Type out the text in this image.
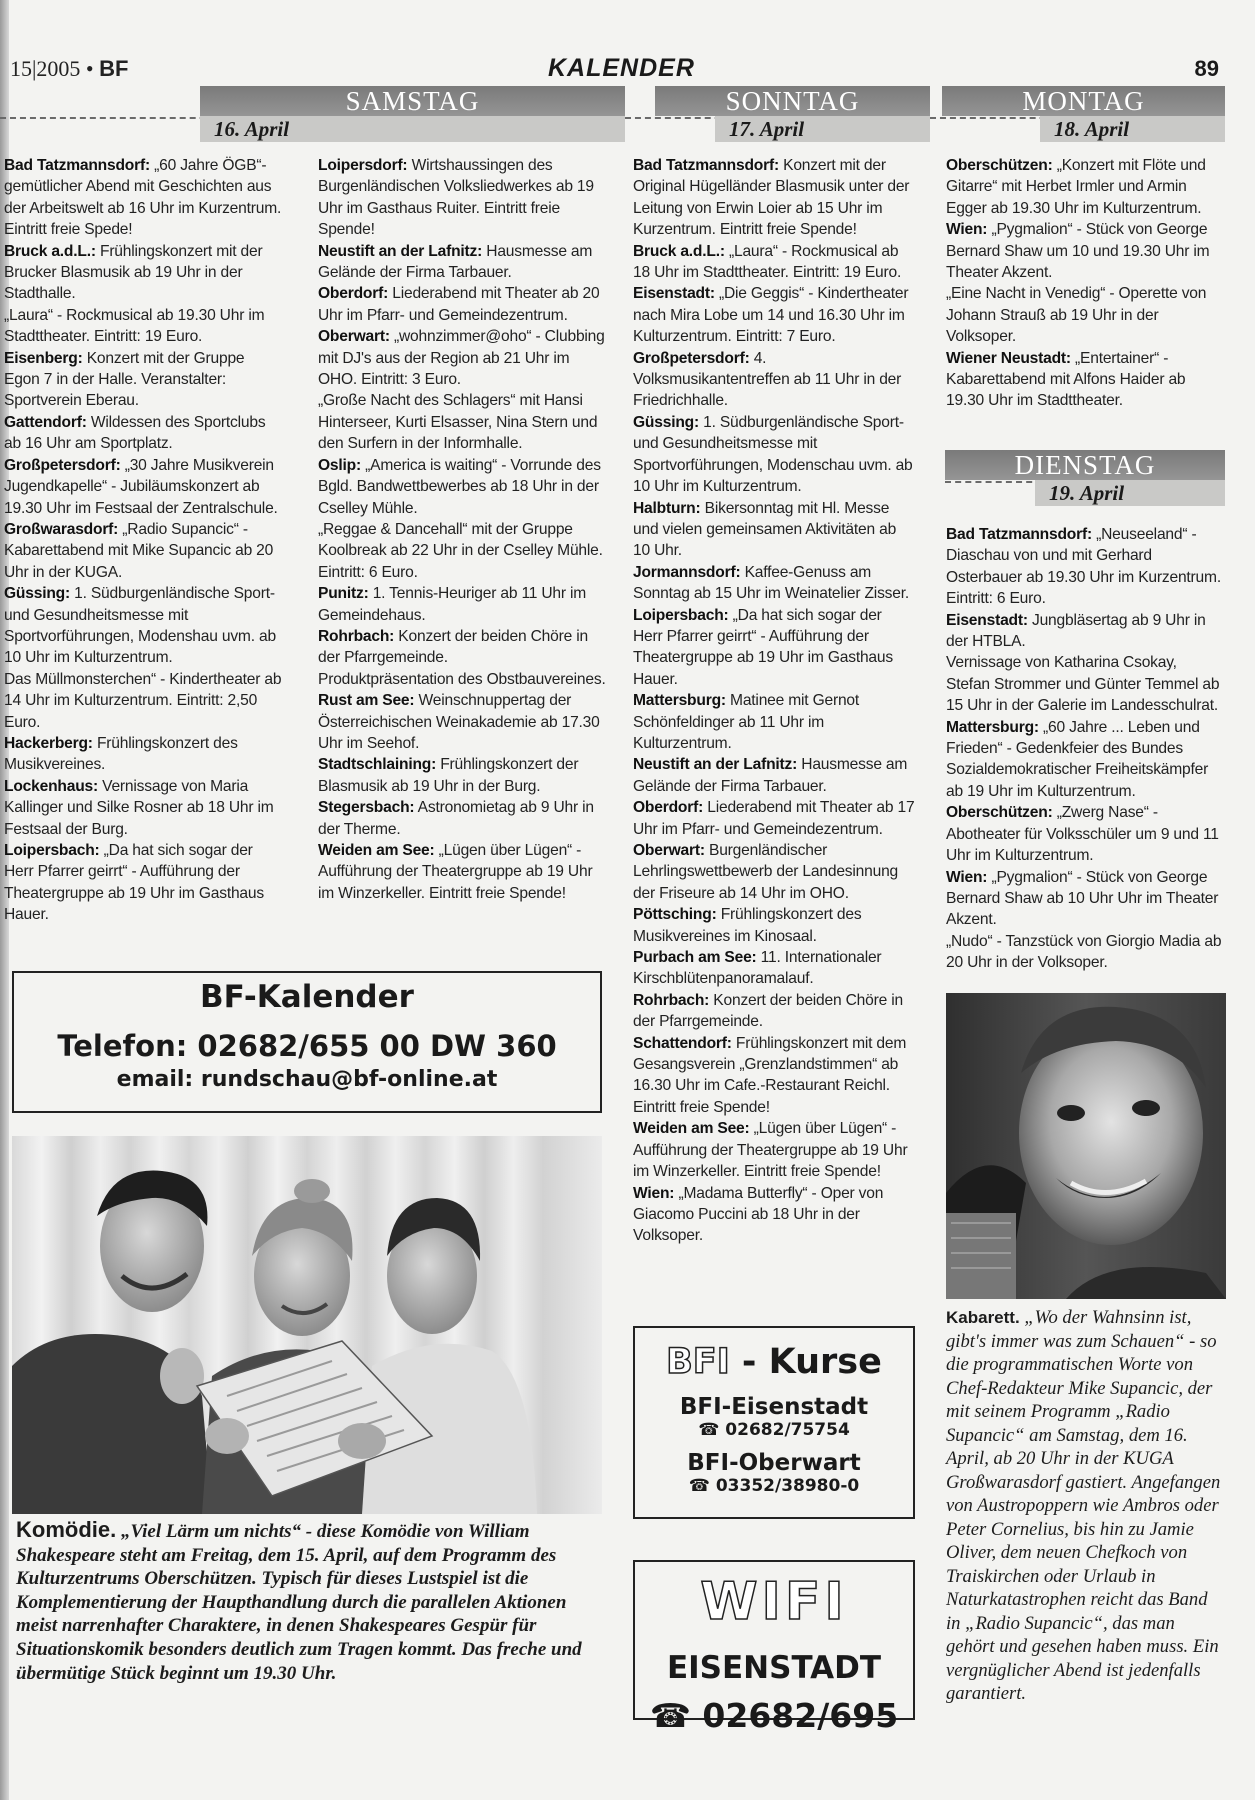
15|2005 • BF	KALENDER	89
SAMSTAG
16. April
SONNTAG
17. April
MONTAG
18. April
DIENSTAG
19. April

Bad Tatzmannsdorf: „60 Jahre ÖGB“-gemütlicher Abend mit Geschichten aus der Arbeitswelt ab 16 Uhr im Kurzentrum. Eintritt freie Spede!

Bruck a.d.L.: Frühlingskonzert mit der Brucker Blasmusik ab 19 Uhr in der Stadthalle.

„Laura“ - Rockmusical ab 19.30 Uhr im Stadttheater. Eintritt: 19 Euro.

Eisenberg: Konzert mit der Gruppe Egon 7 in der Halle. Veranstalter: Sportverein Eberau.

Gattendorf: Wildessen des Sportclubs ab 16 Uhr am Sportplatz.

Großpetersdorf: „30 Jahre Musikverein Jugendkapelle“ - Jubiläumskonzert ab 19.30 Uhr im Festsaal der Zentralschule.

Großwarasdorf: „Radio Supancic“ - Kabarettabend mit Mike Supancic ab 20 Uhr in der KUGA.

Güssing: 1. Südburgenländische Sport- und Gesundheitsmesse mit Sportvorführungen, Modenshau uvm. ab 10 Uhr im Kulturzentrum.

Das Müllmonsterchen“ - Kindertheater ab 14 Uhr im Kulturzentrum. Eintritt: 2,50 Euro.

Hackerberg: Frühlingskonzert des Musikvereines.

Lockenhaus: Vernissage von Maria Kallinger und Silke Rosner ab 18 Uhr im Festsaal der Burg.

Loipersbach: „Da hat sich sogar der Herr Pfarrer geirrt“ - Aufführung der Theatergruppe ab 19 Uhr im Gasthaus Hauer.

Loipersdorf: Wirtshaussingen des Burgenländischen Volksliedwerkes ab 19 Uhr im Gasthaus Ruiter. Eintritt freie Spende!

Neustift an der Lafnitz: Hausmesse am Gelände der Firma Tarbauer.

Oberdorf: Liederabend mit Theater ab 20 Uhr im Pfarr- und Gemeindezentrum.

Oberwart: „wohnzimmer@oho“ - Clubbing mit DJ's aus der Region ab 21 Uhr im OHO. Eintritt: 3 Euro.

„Große Nacht des Schlagers“ mit Hansi Hinterseer, Kurti Elsasser, Nina Stern und den Surfern in der Informhalle.

Oslip: „America is waiting“ - Vorrunde des Bgld. Bandwettbewerbes ab 18 Uhr in der Cselley Mühle.

„Reggae & Dancehall“ mit der Gruppe Koolbreak ab 22 Uhr in der Cselley Mühle. Eintritt: 6 Euro.

Punitz: 1. Tennis-Heuriger ab 11 Uhr im Gemeindehaus.

Rohrbach: Konzert der beiden Chöre in der Pfarrgemeinde.

Produktpräsentation des Obstbauvereines.

Rust am See: Weinschnuppertag der Österreichischen Weinakademie ab 17.30 Uhr im Seehof.

Stadtschlaining: Frühlingskonzert der Blasmusik ab 19 Uhr in der Burg.

Stegersbach: Astronomietag ab 9 Uhr in der Therme.

Weiden am See: „Lügen über Lügen“ - Aufführung der Theatergruppe ab 19 Uhr im Winzerkeller. Eintritt freie Spende!

Bad Tatzmannsdorf: Konzert mit der Original Hügelländer Blasmusik unter der Leitung von Erwin Loier ab 15 Uhr im Kurzentrum. Eintritt freie Spende!

Bruck a.d.L.: „Laura“ - Rockmusical ab 18 Uhr im Stadttheater. Eintritt: 19 Euro.

Eisenstadt: „Die Geggis“ - Kindertheater nach Mira Lobe um 14 und 16.30 Uhr im Kulturzentrum. Eintritt: 7 Euro.

Großpetersdorf: 4. Volksmusikantentreffen ab 11 Uhr in der Friedrichhalle.

Güssing: 1. Südburgenländische Sport- und Gesundheitsmesse mit Sportvorführungen, Modenschau uvm. ab 10 Uhr im Kulturzentrum.

Halbturn: Bikersonntag mit Hl. Messe und vielen gemeinsamen Aktivitäten ab 10 Uhr.

Jormannsdorf: Kaffee-Genuss am Sonntag ab 15 Uhr im Weinatelier Zisser.

Loipersbach: „Da hat sich sogar der Herr Pfarrer geirrt“ - Aufführung der Theatergruppe ab 19 Uhr im Gasthaus Hauer.

Mattersburg: Matinee mit Gernot Schönfeldinger ab 11 Uhr im Kulturzentrum.

Neustift an der Lafnitz: Hausmesse am Gelände der Firma Tarbauer.

Oberdorf: Liederabend mit Theater ab 17 Uhr im Pfarr- und Gemeindezentrum.

Oberwart: Burgenländischer Lehrlingswettbewerb der Landesinnung der Friseure ab 14 Uhr im OHO.

Pöttsching: Frühlingskonzert des Musikvereines im Kinosaal.

Purbach am See: 11. Internationaler Kirschblütenpanoramalauf.

Rohrbach: Konzert der beiden Chöre in der Pfarrgemeinde.

Schattendorf: Frühlingskonzert mit dem Gesangsverein „Grenzlandstimmen“ ab 16.30 Uhr im Cafe.-Restaurant Reichl. Eintritt freie Spende!

Weiden am See: „Lügen über Lügen“ - Aufführung der Theatergruppe ab 19 Uhr im Winzerkeller. Eintritt freie Spende!

Wien: „Madama Butterfly“ - Oper von Giacomo Puccini ab 18 Uhr in der Volksoper.

Oberschützen: „Konzert mit Flöte und Gitarre“ mit Herbet Irmler und Armin Egger ab 19.30 Uhr im Kulturzentrum.

Wien: „Pygmalion“ - Stück von George Bernard Shaw um 10 und 19.30 Uhr im Theater Akzent.

„Eine Nacht in Venedig“ - Operette von Johann Strauß ab 19 Uhr in der Volksoper.

Wiener Neustadt: „Entertainer“ - Kabarettabend mit Alfons Haider ab 19.30 Uhr im Stadttheater.

Bad Tatzmannsdorf: „Neuseeland“ - Diaschau von und mit Gerhard Osterbauer ab 19.30 Uhr im Kurzentrum. Eintritt: 6 Euro.

Eisenstadt: Jungbläsertag ab 9 Uhr in der HTBLA.

Vernissage von Katharina Csokay, Stefan Strommer und Günter Temmel ab 15 Uhr in der Galerie im Landesschulrat.

Mattersburg: „60 Jahre ... Leben und Frieden“ - Gedenkfeier des Bundes Sozialdemokratischer Freiheitskämpfer ab 19 Uhr im Kulturzentrum.

Oberschützen: „Zwerg Nase“ -Abotheater für Volksschüler um 9 und 11 Uhr im Kulturzentrum.

Wien: „Pygmalion“ - Stück von George Bernard Shaw ab 10 Uhr Uhr im Theater Akzent.

„Nudo“ - Tanzstück von Giorgio Madia ab 20 Uhr in der Volksoper.

BF-Kalender
Telefon: 02682/655 00 DW 360
email: rundschau@bf-online.at
Komödie. „Viel Lärm um nichts“ - diese Komödie von William Shakespeare steht am Freitag, dem 15. April, auf dem Programm des Kulturzentrums Oberschützen. Typisch für dieses Lustspiel ist die Komplementierung der Haupthandlung durch die parallelen Aktionen meist narrenhafter Charaktere, in denen Shakespeares Gespür für Situationskomik besonders deutlich zum Tragen kommt. Das freche und übermütige Stück beginnt um 19.30 Uhr.
BFI - Kurse
BFI-Eisenstadt
☎ 02682/75754
BFI-Oberwart
☎ 03352/38980-0
WIFI
EISENSTADT
☎ 02682/695
Kabarett. „Wo der Wahnsinn ist, gibt's immer was zum Schauen“ - so die programmatischen Worte von Chef-Redakteur Mike Supancic, der mit seinem Programm „Radio Supancic“ am Samstag, dem 16. April, ab 20 Uhr in der KUGA Großwarasdorf gastiert. Angefangen von Austropoppern wie Ambros oder Peter Cornelius, bis hin zu Jamie Oliver, dem neuen Chefkoch von Traiskirchen oder Urlaub in Naturkatastrophen reicht das Band in „Radio Supancic“, das man gehört und gesehen haben muss. Ein vergnüglicher Abend ist jedenfalls garantiert.
